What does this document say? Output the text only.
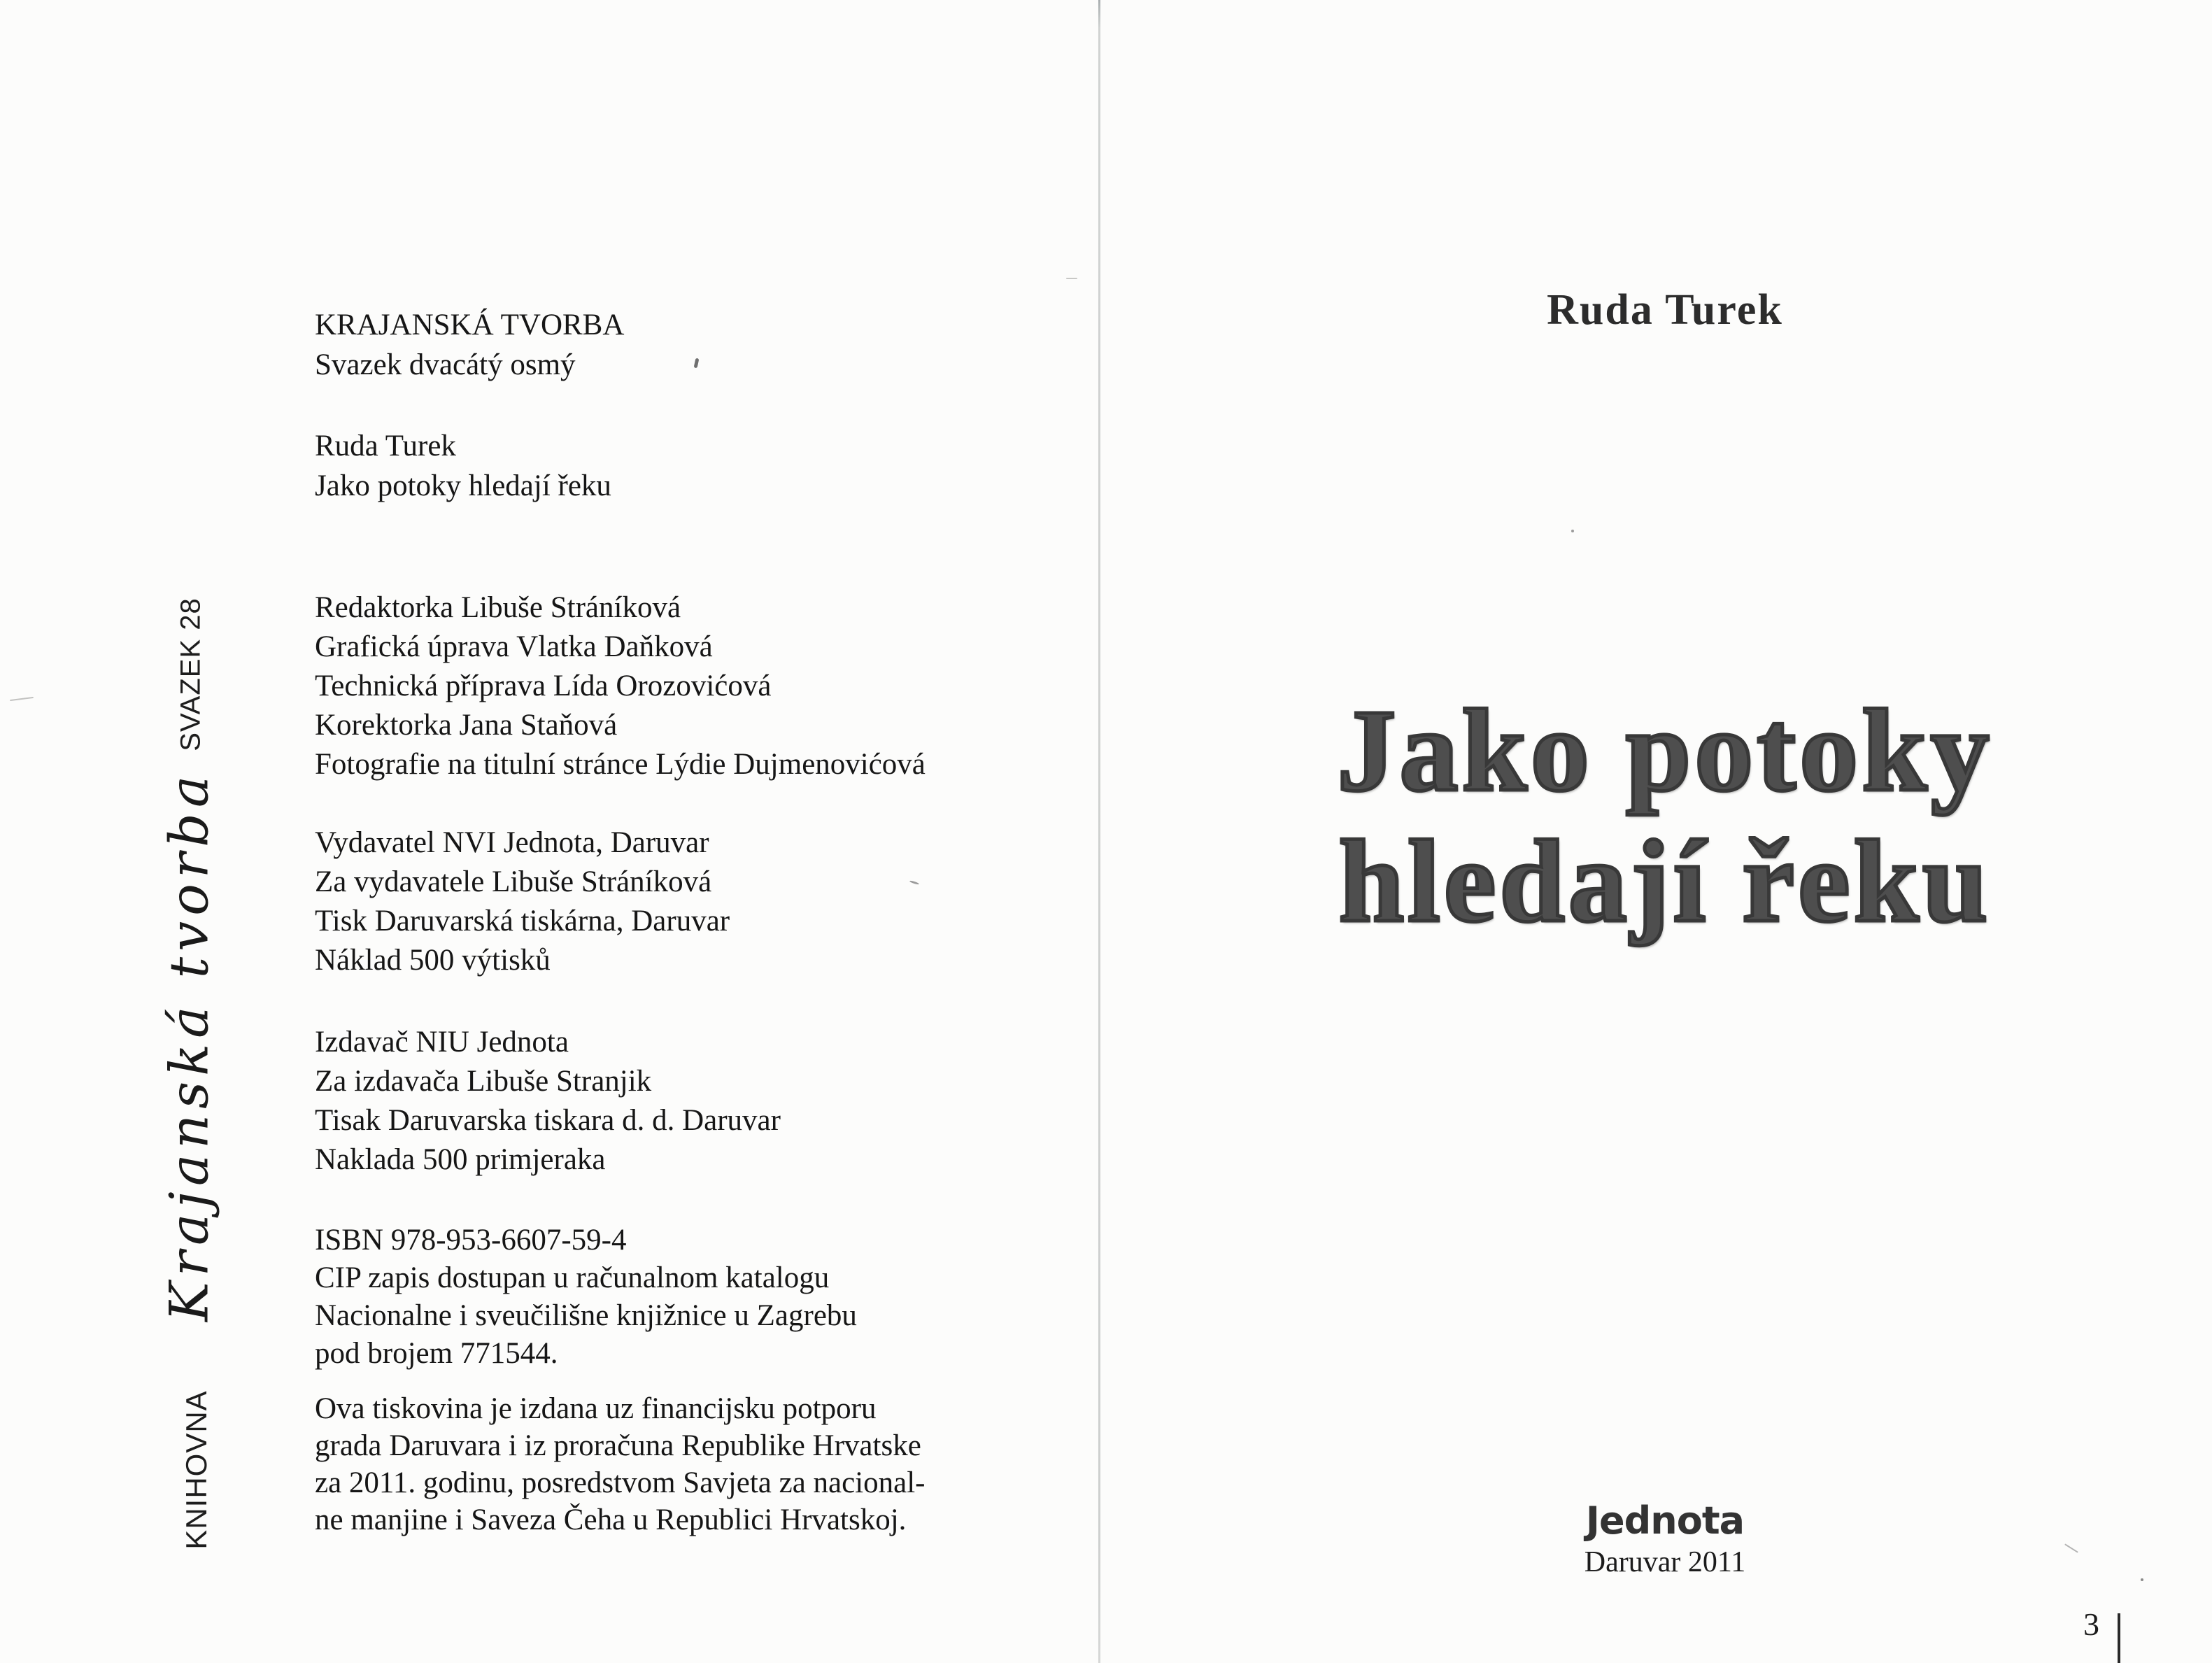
SVAZEK 28
Krajanská tvorba
KNIHOVNA
KRAJANSKÁ TVORBA
Svazek dvacátý osmý
Ruda Turek
Jako potoky hledají řeku
Redaktorka Libuše Stráníková
Grafická úprava Vlatka Daňková
Technická příprava Lída Orozovićová
Korektorka Jana Staňová
Fotografie na titulní stránce Lýdie Dujmenovićová
Vydavatel NVI Jednota, Daruvar
Za vydavatele Libuše Stráníková
Tisk Daruvarská tiskárna, Daruvar
Náklad 500 výtisků
Izdavač NIU Jednota
Za izdavača Libuše Stranjik
Tisak Daruvarska tiskara d. d. Daruvar
Naklada 500 primjeraka
ISBN 978-953-6607-59-4
CIP zapis dostupan u računalnom katalogu
Nacionalne i sveučilišne knjižnice u Zagrebu
pod brojem 771544.
Ova tiskovina je izdana uz financijsku potporu
grada Daruvara i iz proračuna Republike Hrvatske
za 2011. godinu, posredstvom Savjeta za nacional-
ne manjine i Saveza Čeha u Republici Hrvatskoj.
Ruda Turek
Jako potoky
hledají řeku
Jednota
Daruvar 2011
3
